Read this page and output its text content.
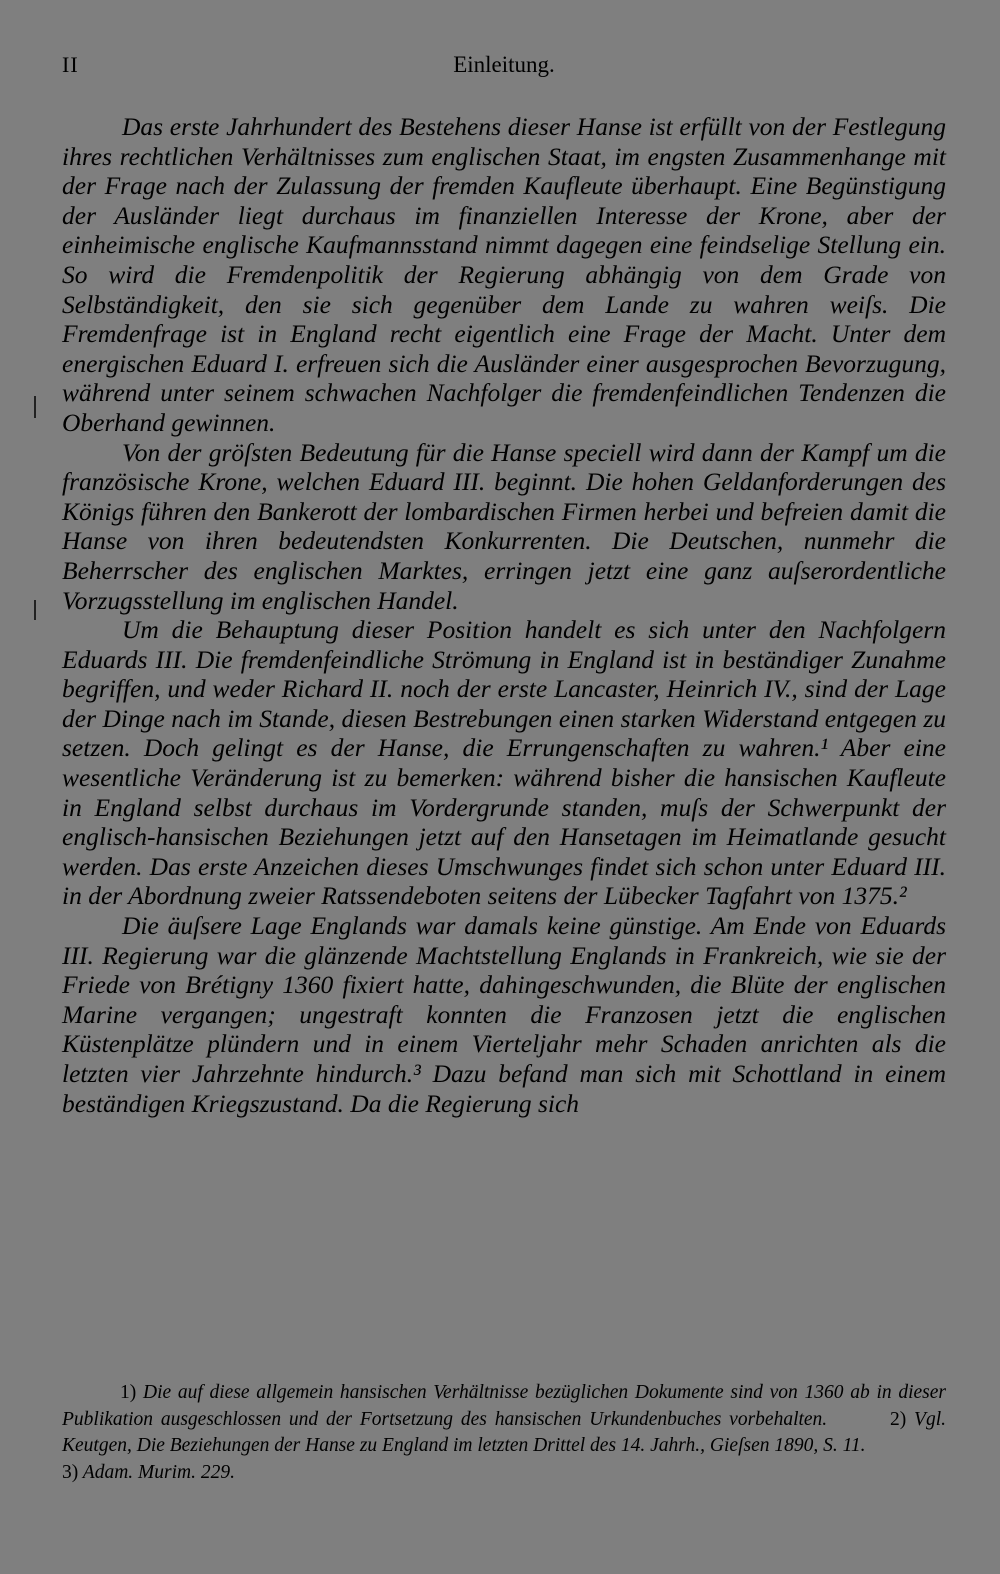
II	Einleitung.

Das erste Jahrhundert des Bestehens dieser Hanse ist erfüllt von der Festlegung ihres rechtlichen Verhältnisses zum englischen Staat, im engsten Zusammenhange mit der Frage nach der Zulassung der fremden Kaufleute überhaupt. Eine Begünstigung der Ausländer liegt durchaus im finanziellen Interesse der Krone, aber der einheimische englische Kaufmannsstand nimmt dagegen eine feindselige Stellung ein. So wird die Fremdenpolitik der Regierung abhängig von dem Grade von Selbständigkeit, den sie sich gegenüber dem Lande zu wahren weiſs. Die Fremdenfrage ist in England recht eigentlich eine Frage der Macht. Unter dem energischen Eduard I. erfreuen sich die Ausländer einer ausgesprochen Bevorzugung, während unter seinem schwachen Nachfolger die fremdenfeindlichen Tendenzen die Oberhand gewinnen.

Von der gröſsten Bedeutung für die Hanse speciell wird dann der Kampf um die französische Krone, welchen Eduard III. beginnt. Die hohen Geldanforderungen des Königs führen den Bankerott der lombardischen Firmen herbei und befreien damit die Hanse von ihren bedeutendsten Konkurrenten. Die Deutschen, nunmehr die Beherrscher des englischen Marktes, erringen jetzt eine ganz auſserordentliche Vorzugsstellung im englischen Handel.

Um die Behauptung dieser Position handelt es sich unter den Nachfolgern Eduards III. Die fremdenfeindliche Strömung in England ist in beständiger Zunahme begriffen, und weder Richard II. noch der erste Lancaster, Heinrich IV., sind der Lage der Dinge nach im Stande, diesen Bestrebungen einen starken Widerstand entgegen zu setzen. Doch gelingt es der Hanse, die Errungenschaften zu wahren.¹ Aber eine wesentliche Veränderung ist zu bemerken: während bisher die hansischen Kaufleute in England selbst durchaus im Vordergrunde standen, muſs der Schwerpunkt der englisch-hansischen Beziehungen jetzt auf den Hansetagen im Heimatlande gesucht werden. Das erste Anzeichen dieses Umschwunges findet sich schon unter Eduard III. in der Abordnung zweier Ratssendeboten seitens der Lübecker Tagfahrt von 1375.²

Die äuſsere Lage Englands war damals keine günstige. Am Ende von Eduards III. Regierung war die glänzende Machtstellung Englands in Frankreich, wie sie der Friede von Brétigny 1360 fixiert hatte, dahingeschwunden, die Blüte der englischen Marine vergangen; ungestraft konnten die Franzosen jetzt die englischen Küstenplätze plündern und in einem Vierteljahr mehr Schaden anrichten als die letzten vier Jahrzehnte hindurch.³ Dazu befand man sich mit Schottland in einem beständigen Kriegszustand. Da die Regierung sich

1) Die auf diese allgemein hansischen Verhältnisse bezüglichen Dokumente sind von 1360 ab in dieser Publikation ausgeschlossen und der Fortsetzung des hansischen Urkundenbuches vorbehalten.	2) Vgl. Keutgen, Die Beziehungen der Hanse zu England im letzten Drittel des 14. Jahrh., Gieſsen 1890, S. 11.

3) Adam. Murim. 229.
